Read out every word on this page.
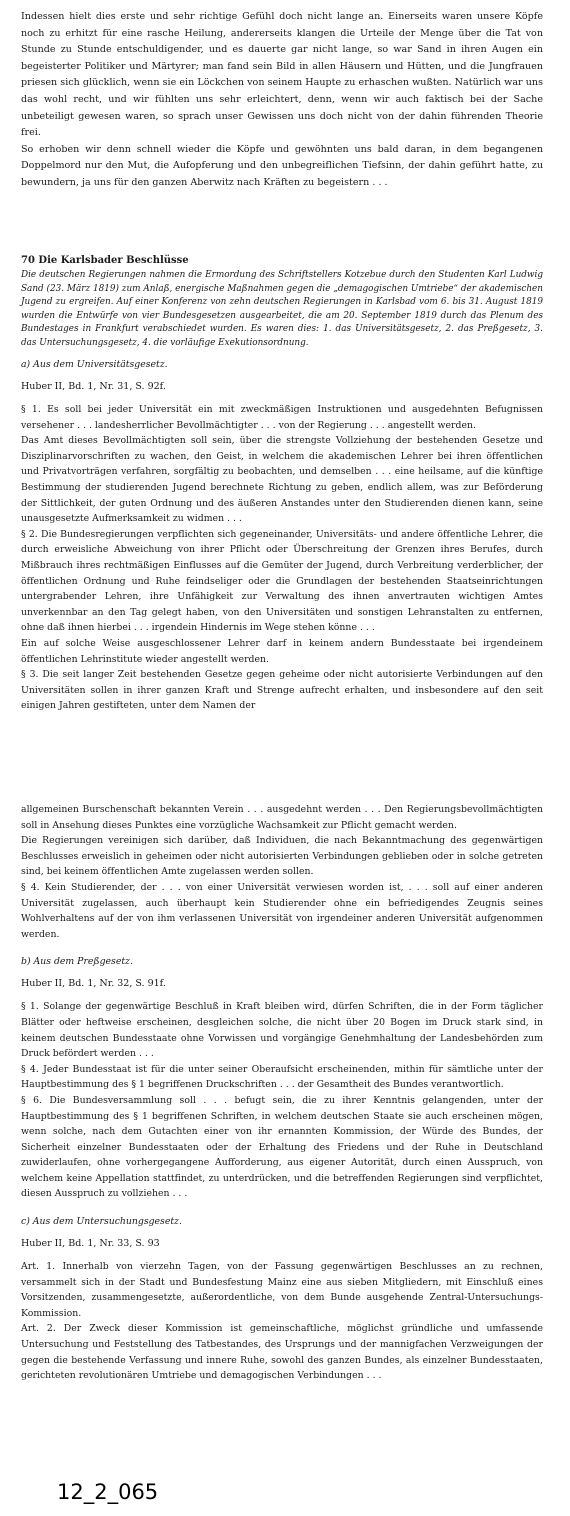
Indessen hielt dies erste und sehr richtige Gefühl doch nicht lange an. Einerseits waren unsere Köpfe noch zu erhitzt für eine rasche Heilung, andererseits klangen die Urteile der Menge über die Tat von Stunde zu Stunde entschuldigender, und es dauerte gar nicht lange, so war Sand in ihren Augen ein begeisterter Politiker und Märtyrer; man fand sein Bild in allen Häusern und Hütten, und die Jungfrauen priesen sich glücklich, wenn sie ein Löckchen von seinem Haupte zu erhaschen wußten. Natürlich war uns das wohl recht, und wir fühlten uns sehr erleichtert, denn, wenn wir auch faktisch bei der Sache unbeteiligt gewesen waren, so sprach unser Gewissen uns doch nicht von der dahin führenden Theorie frei.

So erhoben wir denn schnell wieder die Köpfe und gewöhnten uns bald daran, in dem begangenen Doppelmord nur den Mut, die Aufopferung und den unbegreiflichen Tiefsinn, der dahin geführt hatte, zu bewundern, ja uns für den ganzen Aberwitz nach Kräften zu begeistern . . .

70 Die Karlsbader Beschlüsse

Die deutschen Regierungen nahmen die Ermordung des Schriftstellers Kotzebue durch den Studenten Karl Ludwig Sand (23. März 1819) zum Anlaß, energische Maßnahmen gegen die „demagogischen Umtriebe“ der akademischen Jugend zu ergreifen. Auf einer Konferenz von zehn deutschen Regierungen in Karlsbad vom 6. bis 31. August 1819 wurden die Entwürfe von vier Bundesgesetzen ausgearbeitet, die am 20. September 1819 durch das Plenum des Bundestages in Frankfurt verabschiedet wurden. Es waren dies: 1. das Universitätsgesetz, 2. das Preßgesetz, 3. das Untersuchungsgesetz, 4. die vorläufige Exekutionsordnung.

a) Aus dem Universitätsgesetz.

Huber II, Bd. 1, Nr. 31, S. 92f.

§ 1. Es soll bei jeder Universität ein mit zweckmäßigen Instruktionen und ausgedehnten Befugnissen versehener . . . landesherrlicher Bevollmächtigter . . . von der Regierung . . . angestellt werden.

Das Amt dieses Bevollmächtigten soll sein, über die strengste Vollziehung der bestehenden Gesetze und Disziplinarvorschriften zu wachen, den Geist, in welchem die akademischen Lehrer bei ihren öffentlichen und Privatvorträgen verfahren, sorgfältig zu beobachten, und demselben . . . eine heilsame, auf die künftige Bestimmung der studierenden Jugend berechnete Richtung zu geben, endlich allem, was zur Beförderung der Sittlichkeit, der guten Ordnung und des äußeren Anstandes unter den Studierenden dienen kann, seine unausgesetzte Aufmerksamkeit zu widmen . . .

§ 2. Die Bundesregierungen verpflichten sich gegeneinander, Universitäts- und andere öffentliche Lehrer, die durch erweisliche Abweichung von ihrer Pflicht oder Überschreitung der Grenzen ihres Berufes, durch Mißbrauch ihres rechtmäßigen Einflusses auf die Gemüter der Jugend, durch Verbreitung verderblicher, der öffentlichen Ordnung und Ruhe feindseliger oder die Grundlagen der bestehenden Staatseinrichtungen untergrabender Lehren, ihre Unfähigkeit zur Verwaltung des ihnen anvertrauten wichtigen Amtes unverkennbar an den Tag gelegt haben, von den Universitäten und sonstigen Lehranstalten zu entfernen, ohne daß ihnen hierbei . . . irgendein Hindernis im Wege stehen könne . . .

Ein auf solche Weise ausgeschlossener Lehrer darf in keinem andern Bundesstaate bei irgendeinem öffentlichen Lehrinstitute wieder angestellt werden.

§ 3. Die seit langer Zeit bestehenden Gesetze gegen geheime oder nicht autorisierte Verbindungen auf den Universitäten sollen in ihrer ganzen Kraft und Strenge aufrecht erhalten, und insbesondere auf den seit einigen Jahren gestifteten, unter dem Namen der

allgemeinen Burschenschaft bekannten Verein . . . ausgedehnt werden . . . Den Regierungsbevollmächtigten soll in Ansehung dieses Punktes eine vorzügliche Wachsamkeit zur Pflicht gemacht werden.

Die Regierungen vereinigen sich darüber, daß Individuen, die nach Bekanntmachung des gegenwärtigen Beschlusses erweislich in geheimen oder nicht autorisierten Verbindungen geblieben oder in solche getreten sind, bei keinem öffentlichen Amte zugelassen werden sollen.

§ 4. Kein Studierender, der . . . von einer Universität verwiesen worden ist, . . . soll auf einer anderen Universität zugelassen, auch überhaupt kein Studierender ohne ein befriedigendes Zeugnis seines Wohlverhaltens auf der von ihm verlassenen Universität von irgendeiner anderen Universität aufgenommen werden.

b) Aus dem Preßgesetz.

Huber II, Bd. 1, Nr. 32, S. 91f.

§ 1. Solange der gegenwärtige Beschluß in Kraft bleiben wird, dürfen Schriften, die in der Form täglicher Blätter oder heftweise erscheinen, desgleichen solche, die nicht über 20 Bogen im Druck stark sind, in keinem deutschen Bundesstaate ohne Vorwissen und vorgängige Genehmhaltung der Landesbehörden zum Druck befördert werden . . .

§ 4. Jeder Bundesstaat ist für die unter seiner Oberaufsicht erscheinenden, mithin für sämtliche unter der Hauptbestimmung des § 1 begriffenen Druckschriften . . . der Gesamtheit des Bundes verantwortlich.

§ 6. Die Bundesversammlung soll . . . befugt sein, die zu ihrer Kenntnis gelangenden, unter der Hauptbestimmung des § 1 begriffenen Schriften, in welchem deutschen Staate sie auch erscheinen mögen, wenn solche, nach dem Gutachten einer von ihr ernannten Kommission, der Würde des Bundes, der Sicherheit einzelner Bundesstaaten oder der Erhaltung des Friedens und der Ruhe in Deutschland zuwiderlaufen, ohne vorhergegangene Aufforderung, aus eigener Autorität, durch einen Ausspruch, von welchem keine Appellation stattfindet, zu unterdrücken, und die betreffenden Regierungen sind verpflichtet, diesen Ausspruch zu vollziehen . . .

c) Aus dem Untersuchungsgesetz.

Huber II, Bd. 1, Nr. 33, S. 93

Art. 1. Innerhalb von vierzehn Tagen, von der Fassung gegenwärtigen Beschlusses an zu rechnen, versammelt sich in der Stadt und Bundesfestung Mainz eine aus sieben Mitgliedern, mit Einschluß eines Vorsitzenden, zusammengesetzte, außerordentliche, von dem Bunde ausgehende Zentral-Untersuchungs-Kommission.

Art. 2. Der Zweck dieser Kommission ist gemeinschaftliche, möglichst gründliche und umfassende Untersuchung und Feststellung des Tatbestandes, des Ursprungs und der mannigfachen Verzweigungen der gegen die bestehende Verfassung und innere Ruhe, sowohl des ganzen Bundes, als einzelner Bundesstaaten, gerichteten revolutionären Umtriebe und demagogischen Verbindungen . . .

12_2_065
